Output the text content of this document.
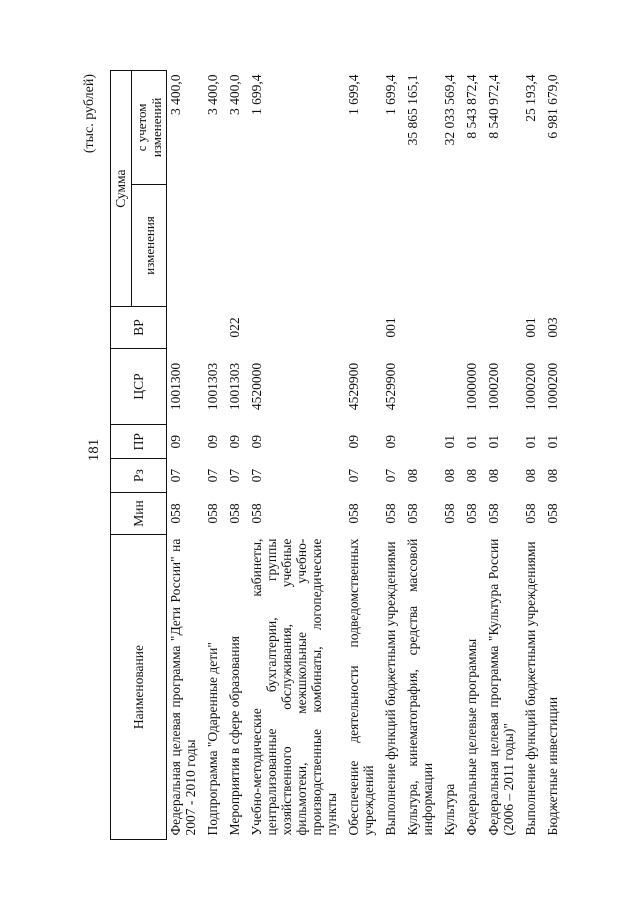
181
(тыс. рублей)
Наименование	Мин	Рз	ПР	ЦСР	ВР	Сумма	
						изменения	с учетом изменений
Федеральная целевая программа "Дети России" на 2007 - 2010 годы	058	07	09	1001300			3 400,0
Подпрограмма "Одаренные дети"	058	07	09	1001303			3 400,0
Мероприятия в сфере образования	058	07	09	1001303	022		3 400,0
Учебно-методические кабинеты, централизованные бухгалтерии, группы хозяйственного обслуживания, учебные фильмотеки, межшкольные учебно-производственные комбинаты, логопедические пункты	058	07	09	4520000			1 699,4
Обеспечение деятельности подведомственных учреждений	058	07	09	4529900			1 699,4
Выполнение функций бюджетными учреждениями	058	07	09	4529900	001		1 699,4
Культура, кинематография, средства массовой информации	058	08					35 865 165,1
Культура	058	08	01				32 033 569,4
Федеральные целевые программы	058	08	01	1000000			8 543 872,4
Федеральная целевая программа "Культура России (2006 – 2011 годы)"	058	08	01	1000200			8 540 972,4
Выполнение функций бюджетными учреждениями	058	08	01	1000200	001		25 193,4
Бюджетные инвестиции	058	08	01	1000200	003		6 981 679,0
